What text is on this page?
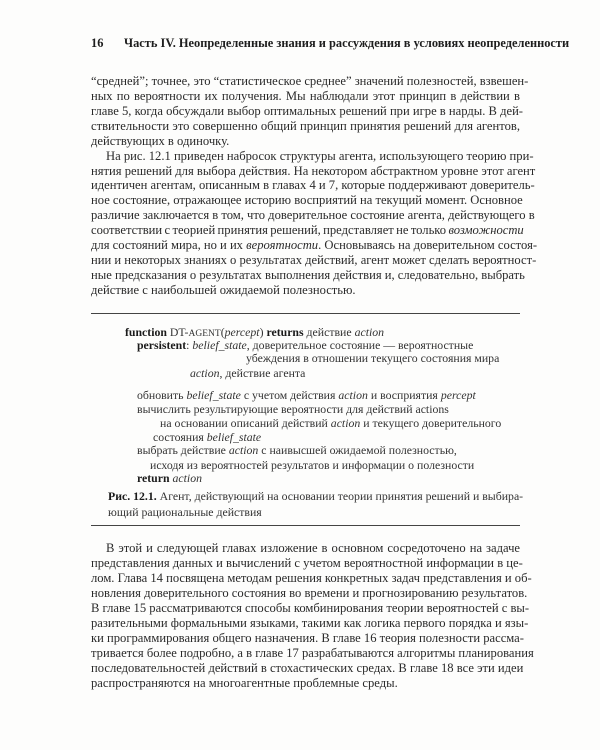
16 Часть IV. Неопределенные знания и рассуждения в условиях неопределенности
“средней”; точнее, это “статистическое среднее” значений полезностей, взвешен-
ных по вероятности их получения. Мы наблюдали этот принцип в действии в
главе 5, когда обсуждали выбор оптимальных решений при игре в нарды. В дей-
ствительности это совершенно общий принцип принятия решений для агентов,
действующих в одиночку.
На рис. 12.1 приведен набросок структуры агента, использующего теорию при-
нятия решений для выбора действия. На некотором абстрактном уровне этот агент
идентичен агентам, описанным в главах 4 и 7, которые поддерживают доверитель-
ное состояние, отражающее историю восприятий на текущий момент. Основное
различие заключается в том, что доверительное состояние агента, действующего в
соответствии с теорией принятия решений, представляет не только возможности
для состояний мира, но и их вероятности. Основываясь на доверительном состоя-
нии и некоторых знаниях о результатах действий, агент может сделать вероятност-
ные предсказания о результатах выполнения действия и, следовательно, выбрать
действие с наибольшей ожидаемой полезностью.
function DT-AGENT(percept) returns действие action
persistent: belief_state, доверительное состояние — вероятностные
убеждения в отношении текущего состояния мира
action, действие агента
обновить belief_state с учетом действия action и восприятия percept
вычислить результирующие вероятности для действий actions
на основании описаний действий action и текущего доверительного
состояния belief_state
выбрать действие action с наивысшей ожидаемой полезностью,
исходя из вероятностей результатов и информации о полезности
return action
Рис. 12.1. Агент, действующий на основании теории принятия решений и выбира-
ющий рациональные действия
В этой и следующей главах изложение в основном сосредоточено на задаче
представления данных и вычислений с учетом вероятностной информации в це-
лом. Глава 14 посвящена методам решения конкретных задач представления и об-
новления доверительного состояния во времени и прогнозированию результатов.
В главе 15 рассматриваются способы комбинирования теории вероятностей с вы-
разительными формальными языками, такими как логика первого порядка и язы-
ки программирования общего назначения. В главе 16 теория полезности рассма-
тривается более подробно, а в главе 17 разрабатываются алгоритмы планирования
последовательностей действий в стохастических средах. В главе 18 все эти идеи
распространяются на многоагентные проблемные среды.
